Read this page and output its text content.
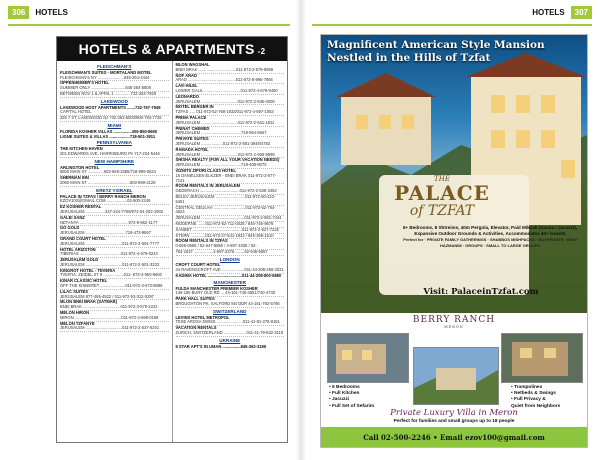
306	HOTELS	HOTELS	307
HOTELS & APARTMENTS -2
FLEISCHMAN'S
FLEISCHMAN'S SUITES - MORTALAND MOTEL
FLEISCHMAN'S NY .......................845-254-4444
OPPENHEIMER'S HOTEL
SUMMER ONLY ..............................845-254-5808
BETWEEN NOV 1 & APRIL 1 ..............732-363-7929
LAKEWOOD
LAKEWOOD HOST APARTMENTS .......732-767-7949
CAPITAL HOTEL
325 7 ST, LAKEWOOD NJ 732-363-5000/908-783-7725
MIAMI
FLORIDA KOSHER VILLAS ................305-850-8650
LIGNE SUITES & VILLAS ..................718-501-3911
PENNSYLVANIA
THE KITCHEN HAVEN
201 EDWARDS AVE, HARRISBURG PA 717-234-5446
NEW HAMPSHIRE
ARLINGTON HOTEL
5800 MAIN ST ..............603-669-3355/718-999-0624
SHERMAN INN
2060 MAIN ST .....................................603-869-2128
ERETZ YISRAEL
PALACE IN TZFAS / BERRY RANCH MERON
EZOV100@GMAIL.COM ..................02-500-2246
EZ KOSHER RENTAL
JERUSALEM .................347-244-7768/972-54-202-1902
GALEI SANZ
NETANYA ...........................................972-9-862-1177
GO GOLD
JERUSALEM ...................................718-473-9867
GRAND COURT HOTEL
JERUSALEM ................................011-972-2-591-7777
HOTEL ARIZSTON
TIBERIAS ....................................011-972-4-679-0244
JERUSALEM GOLD
JERUSALEM ................................011-972-2-501-3333
KINGROT HOTEL - TEVERIA
TVERYA, ZEIDEL ST 9 ..................011- 972-4-950-9600
KINAR CLASSIC HOTEL
OFF THE KINNERET ......................011-972-4-673-8888
LILAC SUITES
JERUSALEM 877-465-4522 / 011-972-53-312-0297
MLON BNEI BRAK (SATMAR)
BNEI BRAK .................................011-972-3-579-2222
MELON HIRON
MIRON .........................................011-972-4-699-0188
MELON TZFANYE
JERUSALEM ................................011-972-2-537-6201
MLON WAGSHAL
BNEI BRAK .................................011-972-3-579-9959
NOF ARAD
ARAD ..........................................011-972-8-995-7856
LAVI HILEL
LOWER GALIL ................................011-972-4-679-9450
LEONARDO
JERUSALEM ................................011-972-2-535-0000
MOTEL BERGER IN
TZFAS ..... 011-972-52-768-1933/011-972-4-697-1053
PRIMA PALACE
JERUSALEM ................................011-972-2-531-1811
PNINAT CHEMED
JERUSALEM ...................................718-564-6667
PRIVATE SUITES
JERUSALEM ...................011-972-2-581-3948/4783
RAMADA HOTEL
JERUSALEM ................................011-972-2-659-9999
SHISHA REALTY (FOR ALL YOUR VACATION NEEDS)
JERUSALEM ...................................718-408-8070
VIZNITS ZIPORI CLASS HOTEL
16 DANIELSEN ELKZER - BNEI BRAK 011-972-3-677-7141
ROOM RENTALS IN JERUSALEM
GEDERACH ...................................011-972-2-538-3462
BELEV JERUSALEM ..........................011-972-50-410-5461
CENTRAL GEULAH ............................011-972-52-764-4624
JERUSALEM ......................................011-972-2-581-7444
MODERNE .......011-972-52-711-0028 / 845-746-9678
SANBET ...........................................011-972-2-527-7225
STERN .............011-972-27-541-1832 / 845-366-1510
ROOM RENTALS IN TZFAS
0-666-0665 / 52-647-8855 / 4-697-1035 / 52-
763-1537 .................4-697-2375 ........52-645-5857
LONDON
CROFT COURT HOTEL
44 RAVENSCROFT AVE ....................011-44-208-458-3331
KADIMA HOTEL ..............................011-44-208-800-5860
MANCHESTER
FULDA MANCHESTER PREMIER KOSHER
146-186 BURY OLD RD ... 44-161-740-4551/740-4740
PARK HALL SUITES
BROUGHTON PK, SALFORD M4 DDR 44-161-792-5786
SWITZERLAND
LEVINS HOTEL METROPOL
TESE AROSA SWISS .......................011-41-81-378-8181
VACATION RENTALS
ZURICH, SWITZERLAND ....................011-41-79-832-3118
UKRAINE
5 STAR APT'S IN UMAN ................845-362-3185
Magnificent American Style Mansion Nestled in the Hills of Tzfat
THE
PALACE
of TZFAT
5+ Bedrooms, 8 Shtreims, 40m Pergola, Elevator, Paid Mikvah (Sauna / Jacuzzi), Expansive Outdoor Grounds & Activities, Accommodates 40+ Guests
Perfect for · PRIVATE FAMILY GATHERINGS · SHABBOS MISHPACHA · BUYPRIVATE · BEIN HAZMANIM · GROUPS · SMALL TO LARGE GROUPS
Visit: PalaceinTzfat.com
BERRY RANCH
MERON
• 5 Bedrooms
• Full Kitchen
• Jacuzzi
• Full Set of Sefarim
• Trampolines
• Netbeds & Swings
• Full Privacy &
Quiet from Neighbors
Private Luxury Villa in Meron
Perfect for families and small groups up to 18 people
Call 02-500-2246 • Email ezov100@gmail.com
